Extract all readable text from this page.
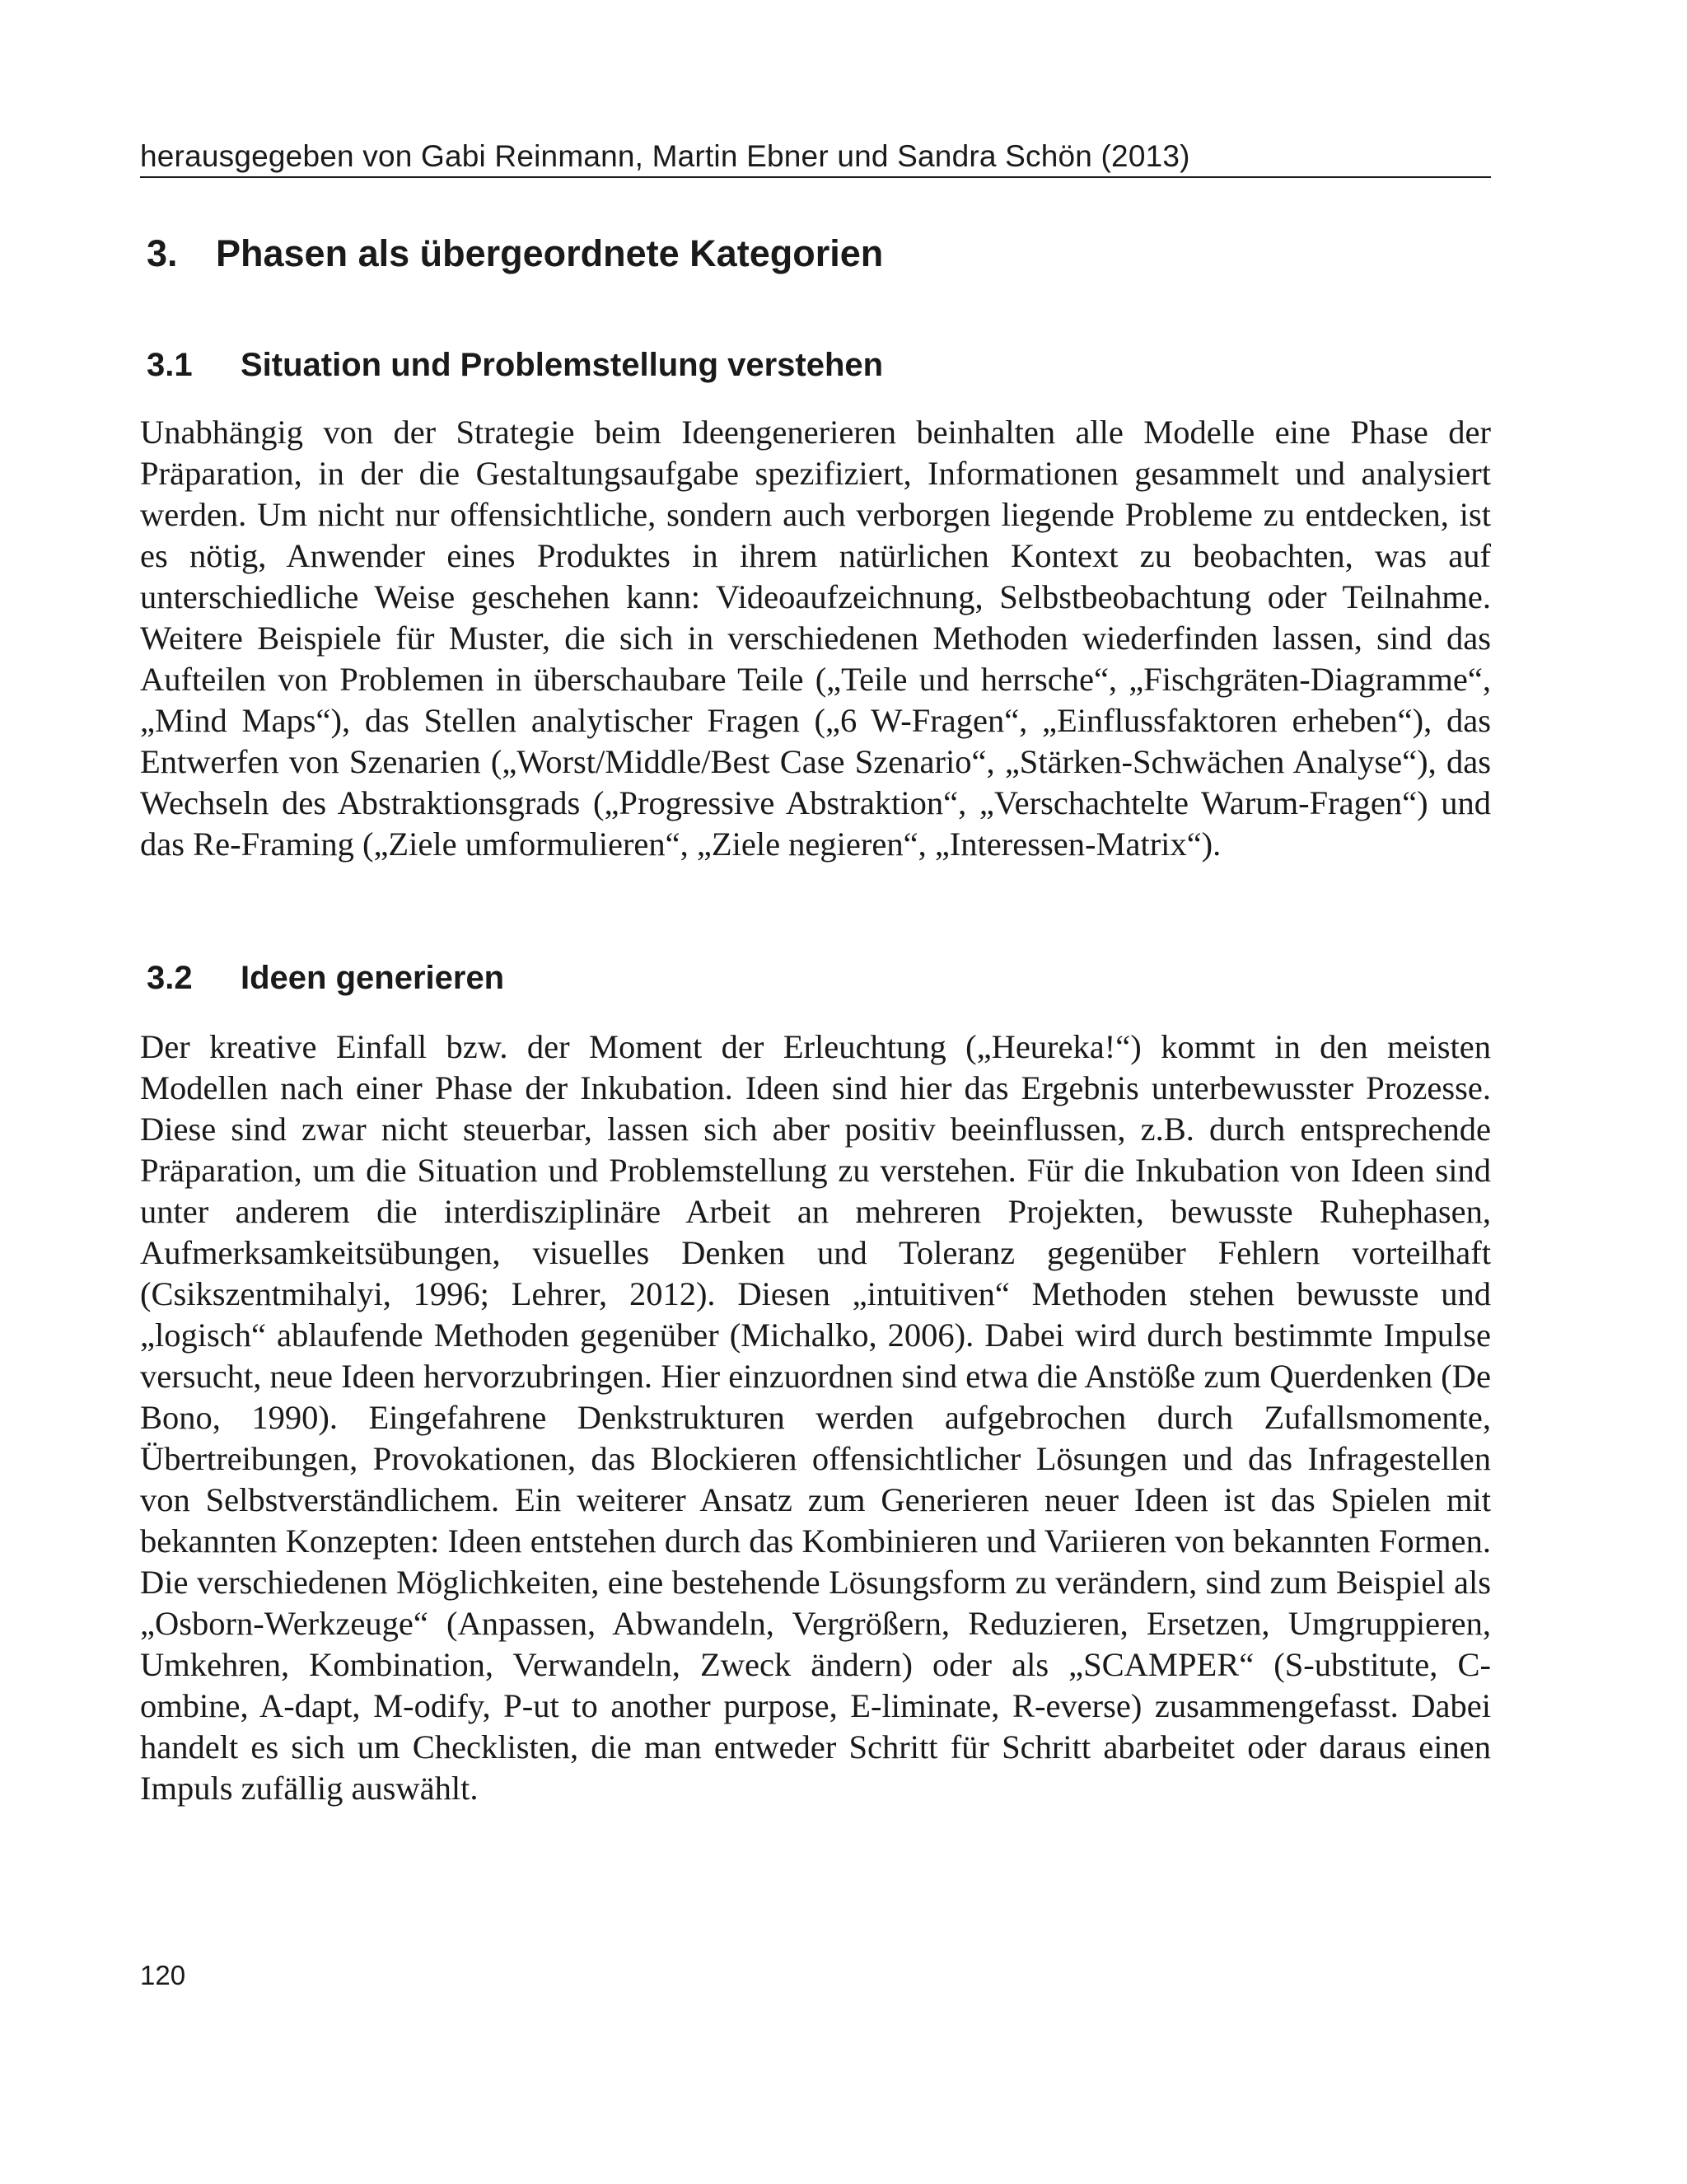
herausgegeben von Gabi Reinmann, Martin Ebner und Sandra Schön (2013)
3. Phasen als übergeordnete Kategorien
3.1 Situation und Problemstellung verstehen

Unabhängig von der Strategie beim Ideengenerieren beinhalten alle Modelle eine Phase der Präparation, in der die Gestaltungsaufgabe spezifiziert, Informationen gesammelt und analysiert werden. Um nicht nur offensichtliche, sondern auch verborgen liegende Probleme zu entdecken, ist es nötig, Anwender eines Produktes in ihrem natürlichen Kontext zu beobachten, was auf unterschiedliche Weise geschehen kann: Videoaufzeichnung, Selbstbeobachtung oder Teilnahme. Weitere Beispiele für Muster, die sich in verschiedenen Methoden wiederfinden lassen, sind das Aufteilen von Problemen in überschaubare Teile („Teile und herrsche“, „Fischgräten-Diagramme“, „Mind Maps“), das Stellen analytischer Fragen („6 W-Fragen“, „Einflussfaktoren erheben“), das Entwerfen von Szenarien („Worst/Middle/Best Case Szenario“, „Stärken-Schwächen Analyse“), das Wechseln des Abstraktionsgrads („Progressive Abstraktion“, „Verschachtelte Warum-Fragen“) und das Re-Framing („Ziele umformulieren“, „Ziele negieren“, „Interessen-Matrix“).

3.2 Ideen generieren

Der kreative Einfall bzw. der Moment der Erleuchtung („Heureka!“) kommt in den meisten Modellen nach einer Phase der Inkubation. Ideen sind hier das Ergebnis unterbewusster Prozesse. Diese sind zwar nicht steuerbar, lassen sich aber positiv beeinflussen, z.B. durch entsprechende Präparation, um die Situation und Problemstellung zu verstehen. Für die Inkubation von Ideen sind unter anderem die interdisziplinäre Arbeit an mehreren Projekten, bewusste Ruhephasen, Aufmerksamkeitsübungen, visuelles Denken und Toleranz gegenüber Fehlern vorteilhaft (Csikszentmihalyi, 1996; Lehrer, 2012). Diesen „intuitiven“ Methoden stehen bewusste und „logisch“ ablaufende Methoden gegenüber (Michalko, 2006). Dabei wird durch bestimmte Impulse versucht, neue Ideen hervorzubringen. Hier einzuordnen sind etwa die Anstöße zum Querdenken (De Bono, 1990). Eingefahrene Denkstrukturen werden aufgebrochen durch Zufallsmomente, Übertreibungen, Provokationen, das Blockieren offensichtlicher Lösungen und das Infragestellen von Selbstverständlichem. Ein weiterer Ansatz zum Generieren neuer Ideen ist das Spielen mit bekannten Konzepten: Ideen entstehen durch das Kombinieren und Variieren von bekannten Formen. Die verschiedenen Möglichkeiten, eine bestehende Lösungsform zu verändern, sind zum Beispiel als „Osborn-Werkzeuge“ (Anpassen, Abwandeln, Vergrößern, Reduzieren, Ersetzen, Umgruppieren, Umkehren, Kombination, Verwandeln, Zweck ändern) oder als „SCAMPER“ (S-ubstitute, C-ombine, A-dapt, M-odify, P-ut to another purpose, E-liminate, R-everse) zusammengefasst. Dabei handelt es sich um Checklisten, die man entweder Schritt für Schritt abarbeitet oder daraus einen Impuls zufällig auswählt.

120
